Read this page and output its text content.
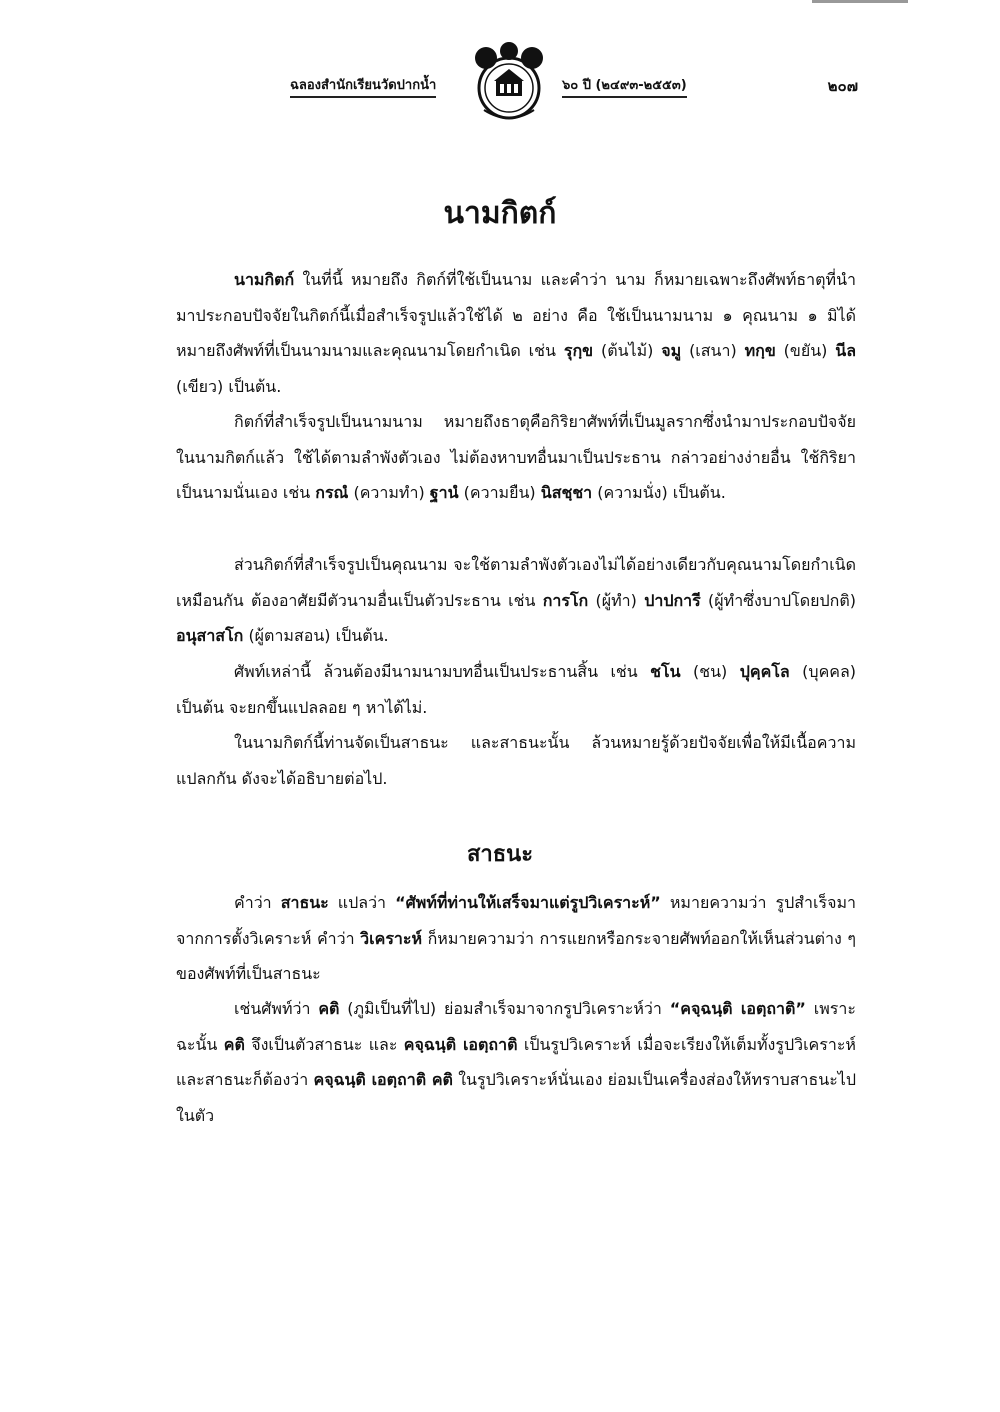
ฉลองสำนักเรียนวัดปากน้ำ	๖๐ ปี (๒๔๙๓-๒๕๕๓)	๒๐๗
นามกิตก์

นามกิตก์ ในที่นี้ หมายถึง กิตก์ที่ใช้เป็นนาม และคำว่า นาม ก็หมายเฉพาะถึงศัพท์ธาตุที่นำมาประกอบปัจจัยในกิตก์นี้เมื่อสำเร็จรูปแล้วใช้ได้ ๒ อย่าง คือ ใช้เป็นนามนาม ๑ คุณนาม ๑ มิได้หมายถึงศัพท์ที่เป็นนามนามและคุณนามโดยกำเนิด เช่น รุกฺข (ต้นไม้) จมู (เสนา) ทกฺข (ขยัน) นีล (เขียว) เป็นต้น.

กิตก์ที่สำเร็จรูปเป็นนามนาม หมายถึงธาตุคือกิริยาศัพท์ที่เป็นมูลรากซึ่งนำมาประกอบปัจจัยในนามกิตก์แล้ว ใช้ได้ตามลำพังตัวเอง ไม่ต้องหาบทอื่นมาเป็นประธาน กล่าวอย่างง่ายอื่น ใช้กิริยาเป็นนามนั่นเอง เช่น กรณํ (ความทำ) ฐานํ (ความยืน) นิสชฺชา (ความนั่ง) เป็นต้น.

ส่วนกิตก์ที่สำเร็จรูปเป็นคุณนาม จะใช้ตามลำพังตัวเองไม่ได้อย่างเดียวกับคุณนามโดยกำเนิดเหมือนกัน ต้องอาศัยมีตัวนามอื่นเป็นตัวประธาน เช่น การโก (ผู้ทำ) ปาปการี (ผู้ทำซึ่งบาปโดยปกติ) อนุสาสโก (ผู้ตามสอน) เป็นต้น.

ศัพท์เหล่านี้ ล้วนต้องมีนามนามบทอื่นเป็นประธานสิ้น เช่น ชโน (ชน) ปุคฺคโล (บุคคล) เป็นต้น จะยกขึ้นแปลลอย ๆ หาได้ไม่.

ในนามกิตก์นี้ท่านจัดเป็นสาธนะ และสาธนะนั้น ล้วนหมายรู้ด้วยปัจจัยเพื่อให้มีเนื้อความแปลกกัน ดังจะได้อธิบายต่อไป.

สาธนะ

คำว่า สาธนะ แปลว่า “ศัพท์ที่ท่านให้เสร็จมาแต่รูปวิเคราะห์” หมายความว่า รูปสำเร็จมาจากการตั้งวิเคราะห์ คำว่า วิเคราะห์ ก็หมายความว่า การแยกหรือกระจายศัพท์ออกให้เห็นส่วนต่าง ๆ ของศัพท์ที่เป็นสาธนะ

เช่นศัพท์ว่า คติ (ภูมิเป็นที่ไป) ย่อมสำเร็จมาจากรูปวิเคราะห์ว่า “คจฺฉนฺติ เอตฺถาติ” เพราะฉะนั้น คติ จึงเป็นตัวสาธนะ และ คจฺฉนฺติ เอตฺถาติ เป็นรูปวิเคราะห์ เมื่อจะเรียงให้เต็มทั้งรูปวิเคราะห์และสาธนะก็ต้องว่า คจฺฉนฺติ เอตฺถาติ คติ ในรูปวิเคราะห์นั่นเอง ย่อมเป็นเครื่องส่องให้ทราบสาธนะไปในตัว
